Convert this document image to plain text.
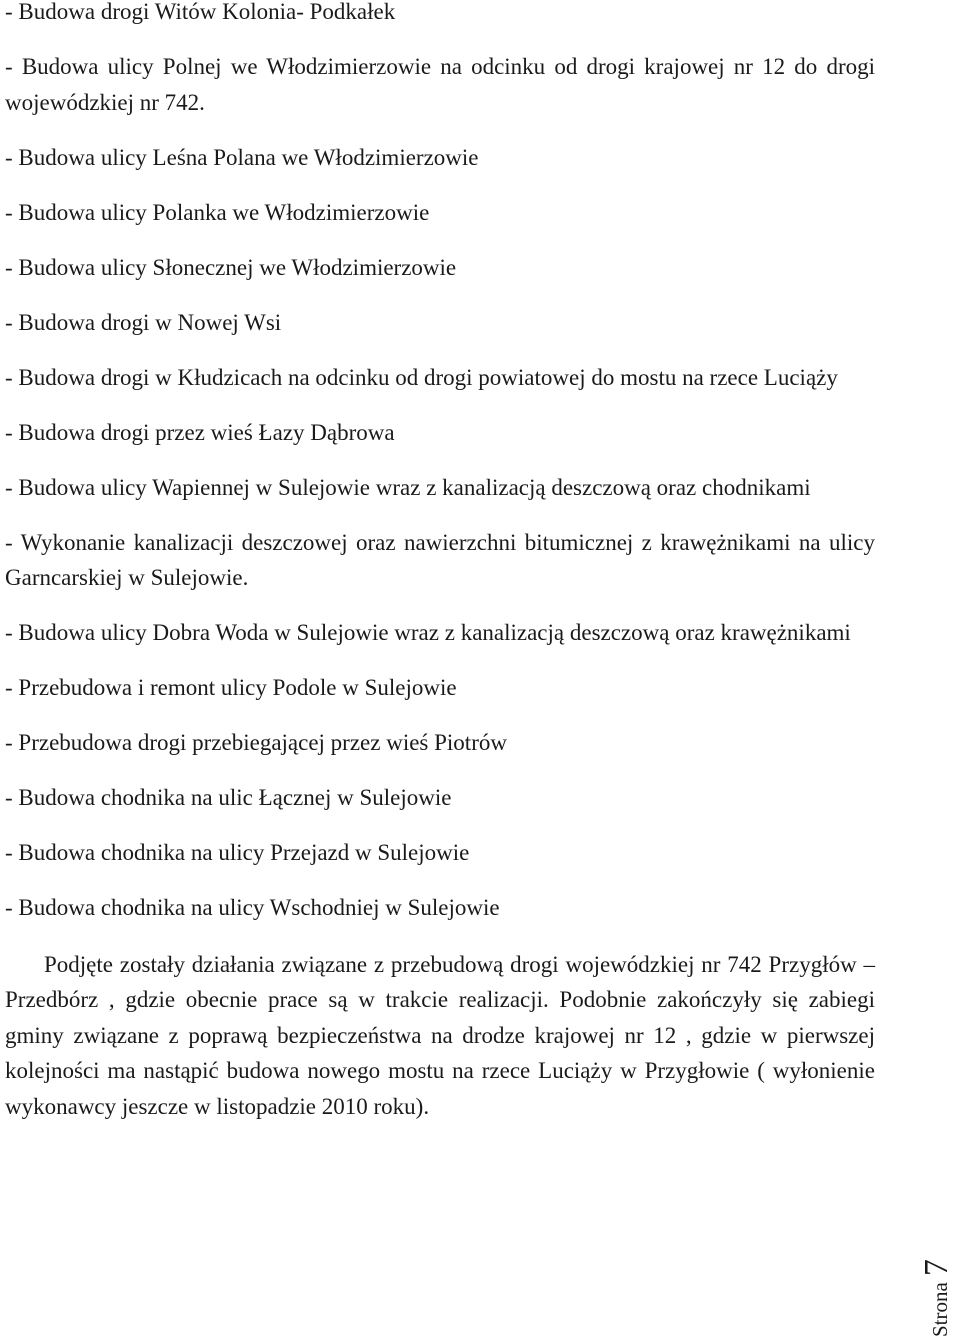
- Budowa drogi Witów Kolonia- Podkałek
- Budowa ulicy Polnej we Włodzimierzowie na odcinku od drogi krajowej nr 12 do drogi wojewódzkiej nr 742.
- Budowa ulicy Leśna Polana we Włodzimierzowie
- Budowa ulicy Polanka we Włodzimierzowie
- Budowa ulicy Słonecznej we Włodzimierzowie
- Budowa drogi w Nowej Wsi
- Budowa drogi w Kłudzicach na odcinku od drogi powiatowej do mostu na rzece Luciąży
- Budowa drogi przez wieś Łazy Dąbrowa
- Budowa ulicy Wapiennej w Sulejowie wraz z kanalizacją deszczową oraz chodnikami
- Wykonanie kanalizacji deszczowej oraz nawierzchni bitumicznej z krawężnikami na ulicy Garncarskiej w Sulejowie.
- Budowa ulicy Dobra Woda w Sulejowie wraz z kanalizacją deszczową oraz krawężnikami
- Przebudowa i remont ulicy Podole w Sulejowie
- Przebudowa drogi przebiegającej przez wieś Piotrów
- Budowa chodnika na ulic Łącznej w Sulejowie
- Budowa chodnika na ulicy Przejazd w Sulejowie
- Budowa chodnika na ulicy Wschodniej w Sulejowie

Podjęte zostały działania związane z przebudową drogi wojewódzkiej nr 742 Przygłów – Przedbórz , gdzie obecnie prace są w trakcie realizacji. Podobnie zakończyły się zabiegi gminy związane z poprawą bezpieczeństwa na drodze krajowej nr 12 , gdzie w pierwszej kolejności ma nastąpić budowa nowego mostu na rzece Luciąży w Przygłowie ( wyłonienie wykonawcy jeszcze w listopadzie 2010 roku).

Strona7
